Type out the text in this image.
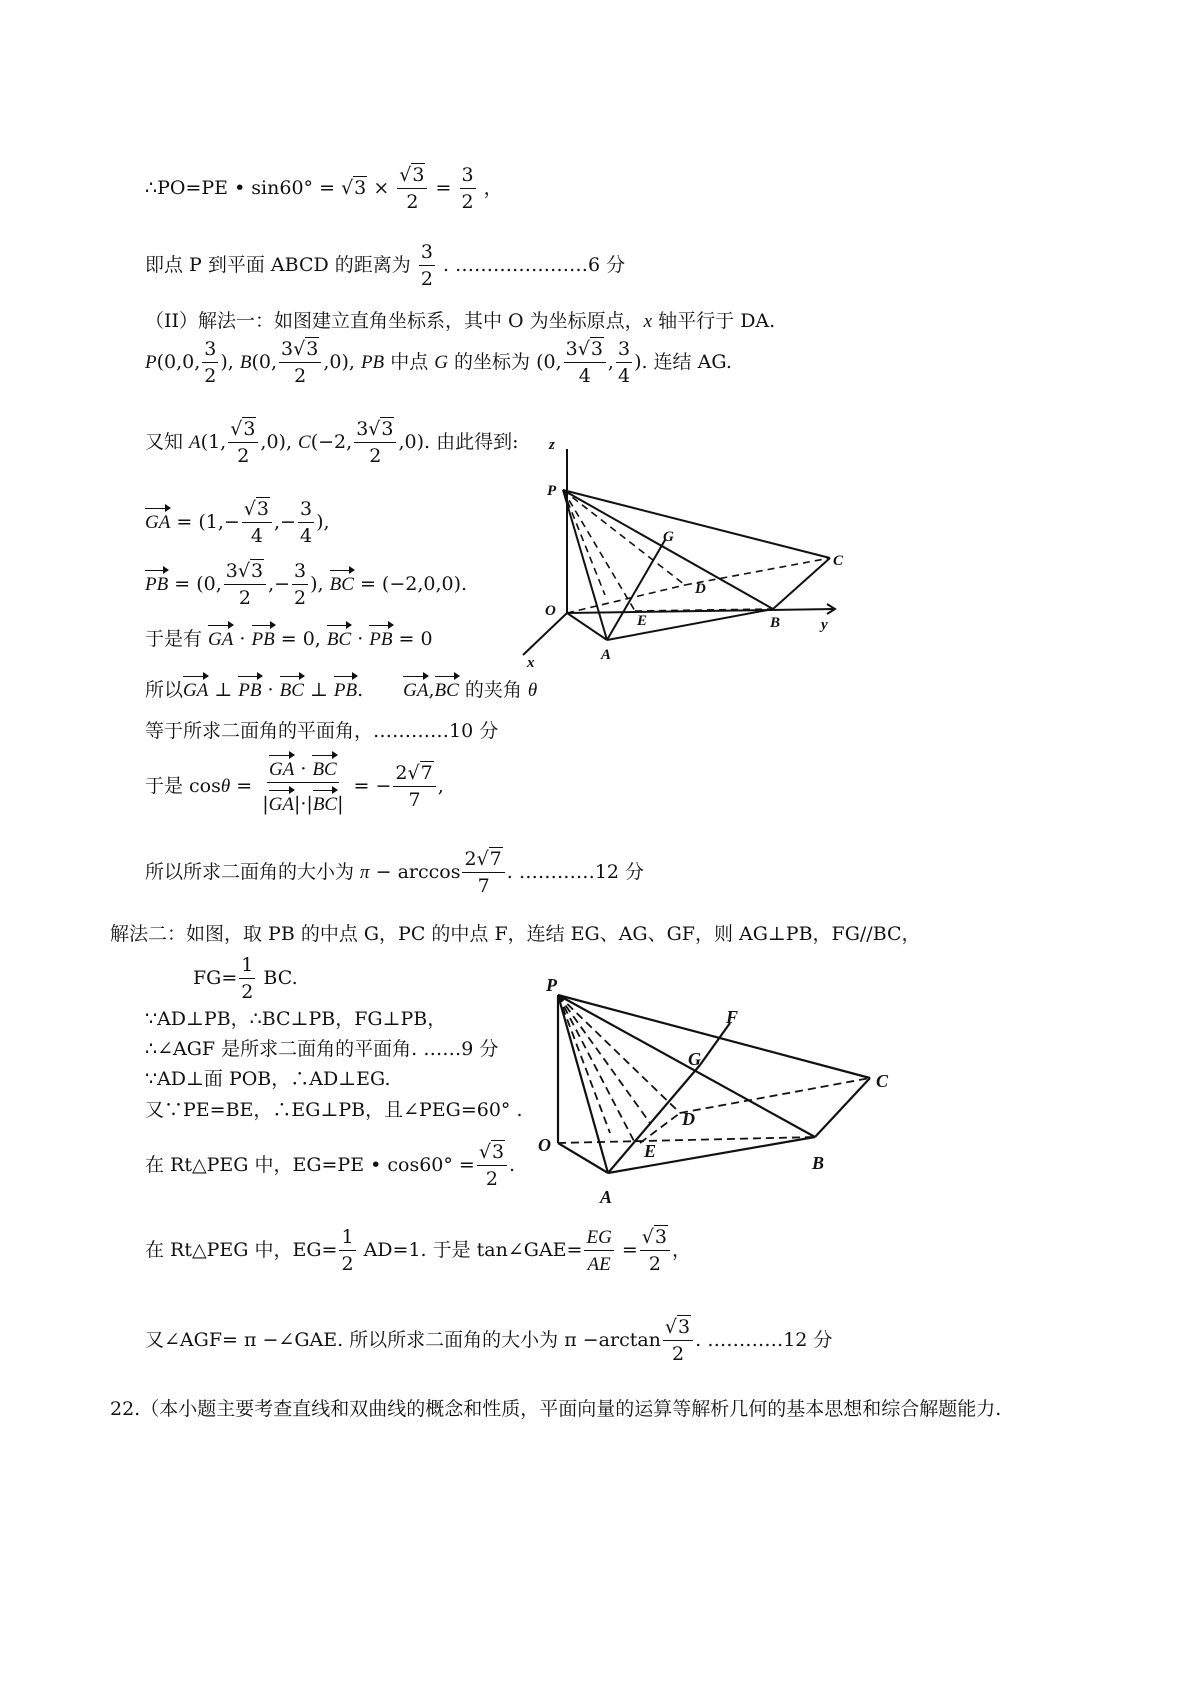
∴PO=PE • $\sin 60^\circ = √3 \times \frac{√3}{2} = \frac{3}{2}$ ，
即点 P 到平面 ABCD 的距离为 $\frac{3}{2}$ . …………………6 分
（II）解法一：如图建立直角坐标系，其中 O 为坐标原点，x 轴平行于 DA.
P(0,0, $\frac{3}{2}$ ), B(0, $\frac{3√3}{2} ,0$), PB 中点 G 的坐标为 (0, $\frac{3√3}{4}$ , $\frac{3}{4}$ ). 连结 AG.
又知 A(1, $\frac{√3}{2} ,0$), C(−2, $\frac{3√3}{2} ,0$). 由此得到:
GA = ($1,- \frac{√3}{4}$ ,− $\frac{3}{4}$ ),
PB = (0, $\frac{3√3}{2}$ ,− $\frac{3}{2}$ ), BC = (−2,0,0).
于是有 GA · PB = 0, BC · PB = 0
所以GA ⊥ PB · BC ⊥ PB. GA,BC 的夹角 θ
等于所求二面角的平面角，…………10 分
于是 $\cos\theta = \frac{GA \cdot BC}{|GA|\cdot|BC|}$ = − $\frac{2√7}{7}$ ,
所以所求二面角的大小为 $\pi - \arccos \frac{2√7}{7}$ . …………12 分
解法二：如图，取 PB 的中点 G，PC 的中点 F，连结 EG、AG、GF，则 AG⊥PB，FG//BC，
$FG= \frac{1}{2}$ BC.
∵AD⊥PB，∴BC⊥PB，FG⊥PB，
∴∠AGF 是所求二面角的平面角. ……9 分
∵AD⊥面 POB，∴AD⊥EG.
又∵PE=BE，∴EG⊥PB，且∠PEG=60° .
在 Rt△PEG 中，EG=PE • $\cos 60^\circ = \frac{√3}{2}$ .
在 Rt△PEG 中，$EG= \frac{1}{2} AD=1$. 于是 tan∠GAE= $\frac{EG}{AE} = \frac{√3}{2}$ ，
又∠AGF= π −∠GAE. 所以所求二面角的大小为 $\pi -\arctan \frac{√3}{2}$ . …………12 分
22.（本小题主要考查直线和双曲线的概念和性质，平面向量的运算等解析几何的基本思想和综合解题能力.
z
P
G
C
D
O
E	B	y
A
x
P
F
G
C
D
O	E
B
A
